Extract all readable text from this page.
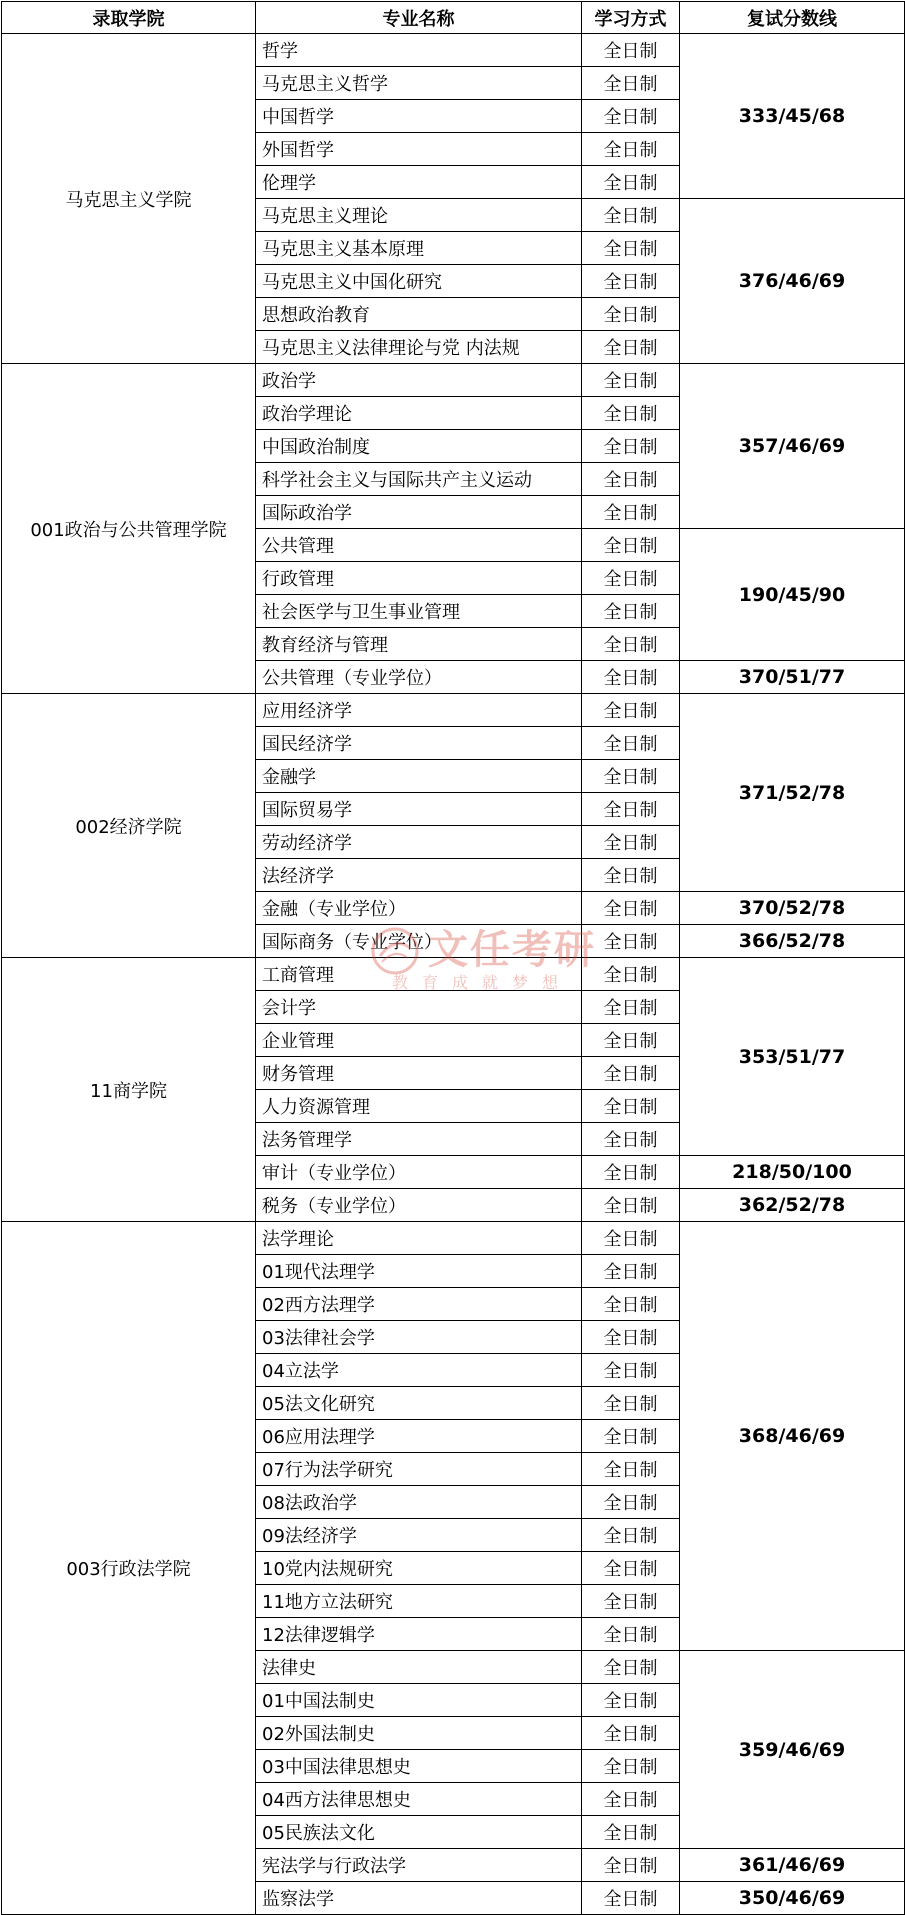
录取学院	专业名称	学习方式	复试分数线
马克思主义学院	哲学	全日制	333/45/68
	马克思主义哲学	全日制	
	中国哲学	全日制	
	外国哲学	全日制	
	伦理学	全日制	
	马克思主义理论	全日制	376/46/69
	马克思主义基本原理	全日制	
	马克思主义中国化研究	全日制	
	思想政治教育	全日制	
	马克思主义法律理论与党 内法规	全日制	
001政治与公共管理学院	政治学	全日制	357/46/69
	政治学理论	全日制	
	中国政治制度	全日制	
	科学社会主义与国际共产主义运动	全日制	
	国际政治学	全日制	
	公共管理	全日制	190/45/90
	行政管理	全日制	
	社会医学与卫生事业管理	全日制	
	教育经济与管理	全日制	
	公共管理（专业学位）	全日制	370/51/77
002经济学院	应用经济学	全日制	371/52/78
	国民经济学	全日制	
	金融学	全日制	
	国际贸易学	全日制	
	劳动经济学	全日制	
	法经济学	全日制	
	金融（专业学位）	全日制	370/52/78
	国际商务（专业学位）	全日制	366/52/78
11商学院	工商管理	全日制	353/51/77
	会计学	全日制	
	企业管理	全日制	
	财务管理	全日制	
	人力资源管理	全日制	
	法务管理学	全日制	
	审计（专业学位）	全日制	218/50/100
	税务（专业学位）	全日制	362/52/78
003行政法学院	法学理论	全日制	368/46/69
	01现代法理学	全日制	
	02西方法理学	全日制	
	03法律社会学	全日制	
	04立法学	全日制	
	05法文化研究	全日制	
	06应用法理学	全日制	
	07行为法学研究	全日制	
	08法政治学	全日制	
	09法经济学	全日制	
	10党内法规研究	全日制	
	11地方立法研究	全日制	
	12法律逻辑学	全日制	
	法律史	全日制	359/46/69
	01中国法制史	全日制	
	02外国法制史	全日制	
	03中国法律思想史	全日制	
	04西方法律思想史	全日制	
	05民族法文化	全日制	
	宪法学与行政法学	全日制	361/46/69
	监察法学	全日制	350/46/69
文任考研
教育成就梦想
